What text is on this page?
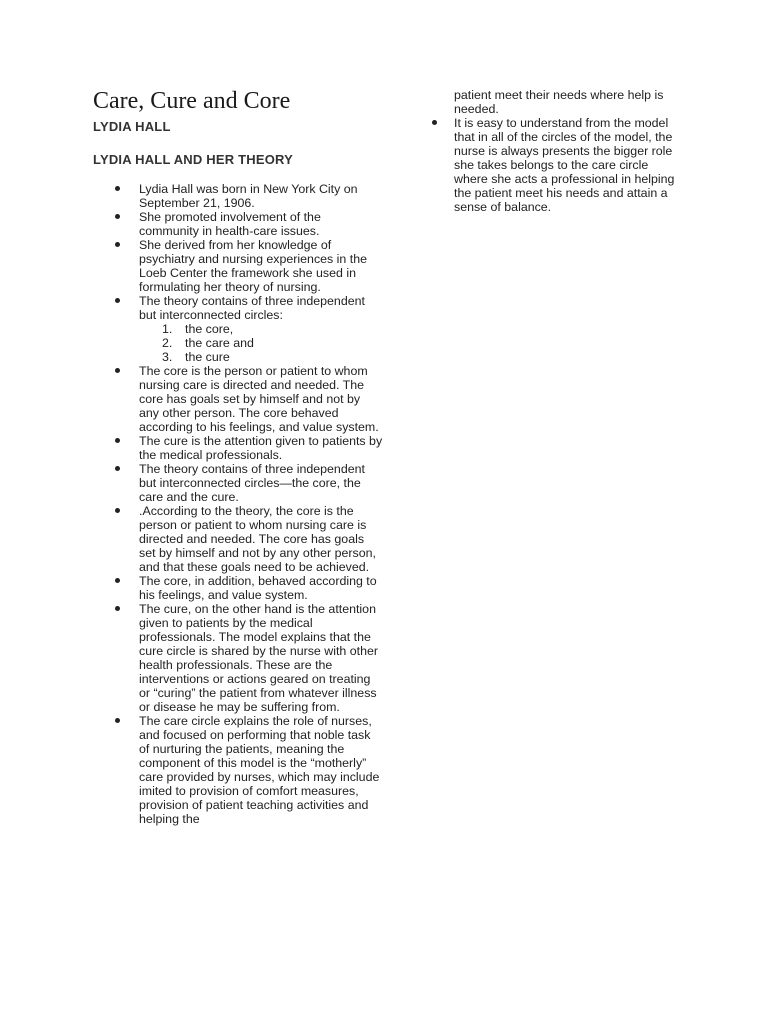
Care, Cure and Core
LYDIA HALL
LYDIA HALL AND HER THEORY
Lydia Hall was born in New York City on September 21, 1906.
She promoted involvement of the community in health-care issues.
She derived from her knowledge of psychiatry and nursing experiences in the Loeb Center the framework she used in formulating her theory of nursing.
The theory contains of three independent but interconnected circles:
1. the core,
2. the care and
3. the cure
The core is the person or patient to whom nursing care is directed and needed. The core has goals set by himself and not by any other person. The core behaved according to his feelings, and value system.
The cure is the attention given to patients by the medical professionals.
The theory contains of three independent but interconnected circles—the core, the care and the cure.
.According to the theory, the core is the person or patient to whom nursing care is directed and needed. The core has goals set by himself and not by any other person, and that these goals need to be achieved.
The core, in addition, behaved according to his feelings, and value system.
The cure, on the other hand is the attention given to patients by the medical professionals. The model explains that the cure circle is shared by the nurse with other health professionals. These are the interventions or actions geared on treating or “curing” the patient from whatever illness or disease he may be suffering from.
The care circle explains the role of nurses, and focused on performing that noble task of nurturing the patients, meaning the component of this model is the “motherly” care provided by nurses, which may include imited to provision of comfort measures, provision of patient teaching activities and helping the
patient meet their needs where help is needed.
It is easy to understand from the model that in all of the circles of the model, the nurse is always presents the bigger role she takes belongs to the care circle where she acts a professional in helping the patient meet his needs and attain a sense of balance.
